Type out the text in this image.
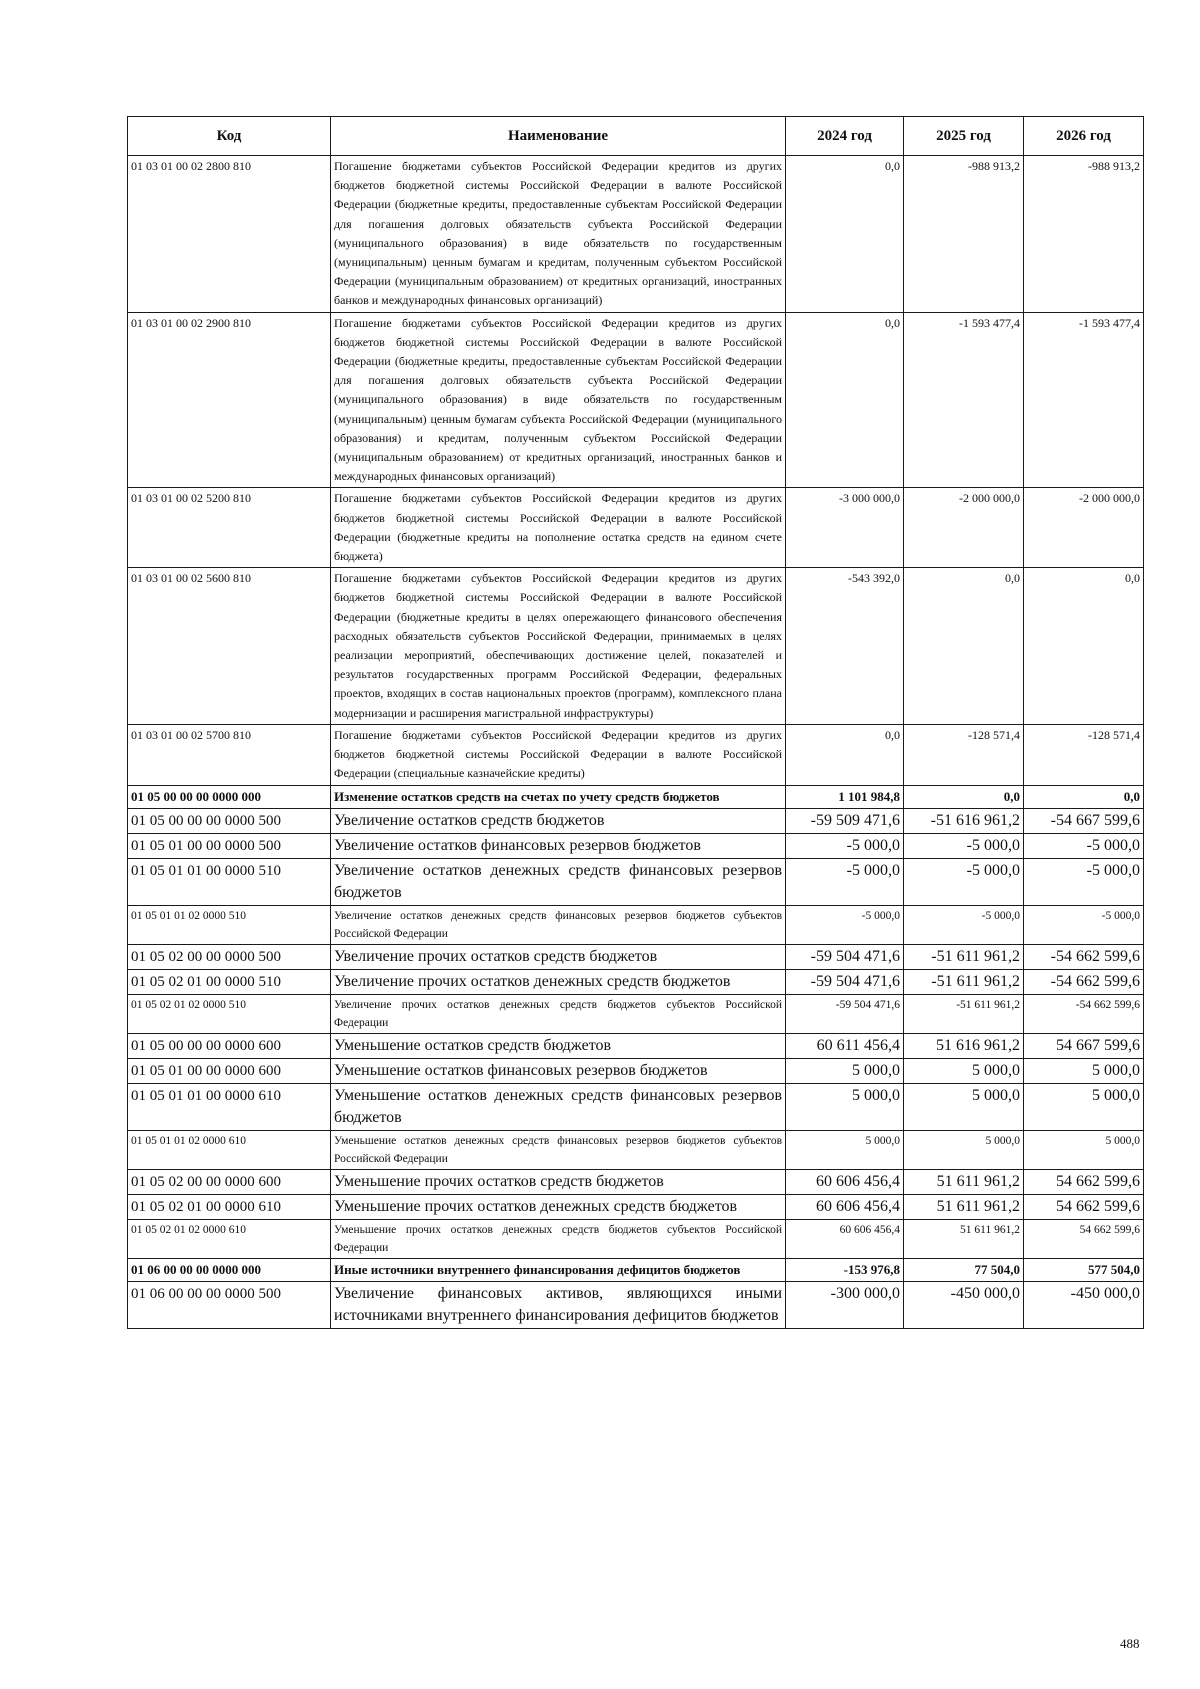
Код	Наименование	2024 год	2025 год	2026 год
01 03 01 00 02 2800 810	Погашение бюджетами субъектов Российской Федерации кредитов из других бюджетов бюджетной системы Российской Федерации в валюте Российской Федерации (бюджетные кредиты, предоставленные субъектам Российской Федерации для погашения долговых обязательств субъекта Российской Федерации (муниципального образования) в виде обязательств по государственным (муниципальным) ценным бумагам и кредитам, полученным субъектом Российской Федерации (муниципальным образованием) от кредитных организаций, иностранных банков и международных финансовых организаций)	0,0	-988 913,2	-988 913,2
01 03 01 00 02 2900 810	Погашение бюджетами субъектов Российской Федерации кредитов из других бюджетов бюджетной системы Российской Федерации в валюте Российской Федерации (бюджетные кредиты, предоставленные субъектам Российской Федерации для погашения долговых обязательств субъекта Российской Федерации (муниципального образования) в виде обязательств по государственным (муниципальным) ценным бумагам субъекта Российской Федерации (муниципального образования) и кредитам, полученным субъектом Российской Федерации (муниципальным образованием) от кредитных организаций, иностранных банков и международных финансовых организаций)	0,0	-1 593 477,4	-1 593 477,4
01 03 01 00 02 5200 810	Погашение бюджетами субъектов Российской Федерации кредитов из других бюджетов бюджетной системы Российской Федерации в валюте Российской Федерации (бюджетные кредиты на пополнение остатка средств на едином счете бюджета)	-3 000 000,0	-2 000 000,0	-2 000 000,0
01 03 01 00 02 5600 810	Погашение бюджетами субъектов Российской Федерации кредитов из других бюджетов бюджетной системы Российской Федерации в валюте Российской Федерации (бюджетные кредиты в целях опережающего финансового обеспечения расходных обязательств субъектов Российской Федерации, принимаемых в целях реализации мероприятий, обеспечивающих достижение целей, показателей и результатов государственных программ Российской Федерации, федеральных проектов, входящих в состав национальных проектов (программ), комплексного плана модернизации и расширения магистральной инфраструктуры)	-543 392,0	0,0	0,0
01 03 01 00 02 5700 810	Погашение бюджетами субъектов Российской Федерации кредитов из других бюджетов бюджетной системы Российской Федерации в валюте Российской Федерации (специальные казначейские кредиты)	0,0	-128 571,4	-128 571,4
01 05 00 00 00 0000 000	Изменение остатков средств на счетах по учету средств бюджетов	1 101 984,8	0,0	0,0
01 05 00 00 00 0000 500	Увеличение остатков средств бюджетов	-59 509 471,6	-51 616 961,2	-54 667 599,6
01 05 01 00 00 0000 500	Увеличение остатков финансовых резервов бюджетов	-5 000,0	-5 000,0	-5 000,0
01 05 01 01 00 0000 510	Увеличение остатков денежных средств финансовых резервов бюджетов	-5 000,0	-5 000,0	-5 000,0
01 05 01 01 02 0000 510	Увеличение остатков денежных средств финансовых резервов бюджетов субъектов Российской Федерации	-5 000,0	-5 000,0	-5 000,0
01 05 02 00 00 0000 500	Увеличение прочих остатков средств бюджетов	-59 504 471,6	-51 611 961,2	-54 662 599,6
01 05 02 01 00 0000 510	Увеличение прочих остатков денежных средств бюджетов	-59 504 471,6	-51 611 961,2	-54 662 599,6
01 05 02 01 02 0000 510	Увеличение прочих остатков денежных средств бюджетов субъектов Российской Федерации	-59 504 471,6	-51 611 961,2	-54 662 599,6
01 05 00 00 00 0000 600	Уменьшение остатков средств бюджетов	60 611 456,4	51 616 961,2	54 667 599,6
01 05 01 00 00 0000 600	Уменьшение остатков финансовых резервов бюджетов	5 000,0	5 000,0	5 000,0
01 05 01 01 00 0000 610	Уменьшение остатков денежных средств финансовых резервов бюджетов	5 000,0	5 000,0	5 000,0
01 05 01 01 02 0000 610	Уменьшение остатков денежных средств финансовых резервов бюджетов субъектов Российской Федерации	5 000,0	5 000,0	5 000,0
01 05 02 00 00 0000 600	Уменьшение прочих остатков средств бюджетов	60 606 456,4	51 611 961,2	54 662 599,6
01 05 02 01 00 0000 610	Уменьшение прочих остатков денежных средств бюджетов	60 606 456,4	51 611 961,2	54 662 599,6
01 05 02 01 02 0000 610	Уменьшение прочих остатков денежных средств бюджетов субъектов Российской Федерации	60 606 456,4	51 611 961,2	54 662 599,6
01 06 00 00 00 0000 000	Иные источники внутреннего финансирования дефицитов бюджетов	-153 976,8	77 504,0	577 504,0
01 06 00 00 00 0000 500	Увеличение финансовых активов, являющихся иными источниками внутреннего финансирования дефицитов бюджетов	-300 000,0	-450 000,0	-450 000,0
488
